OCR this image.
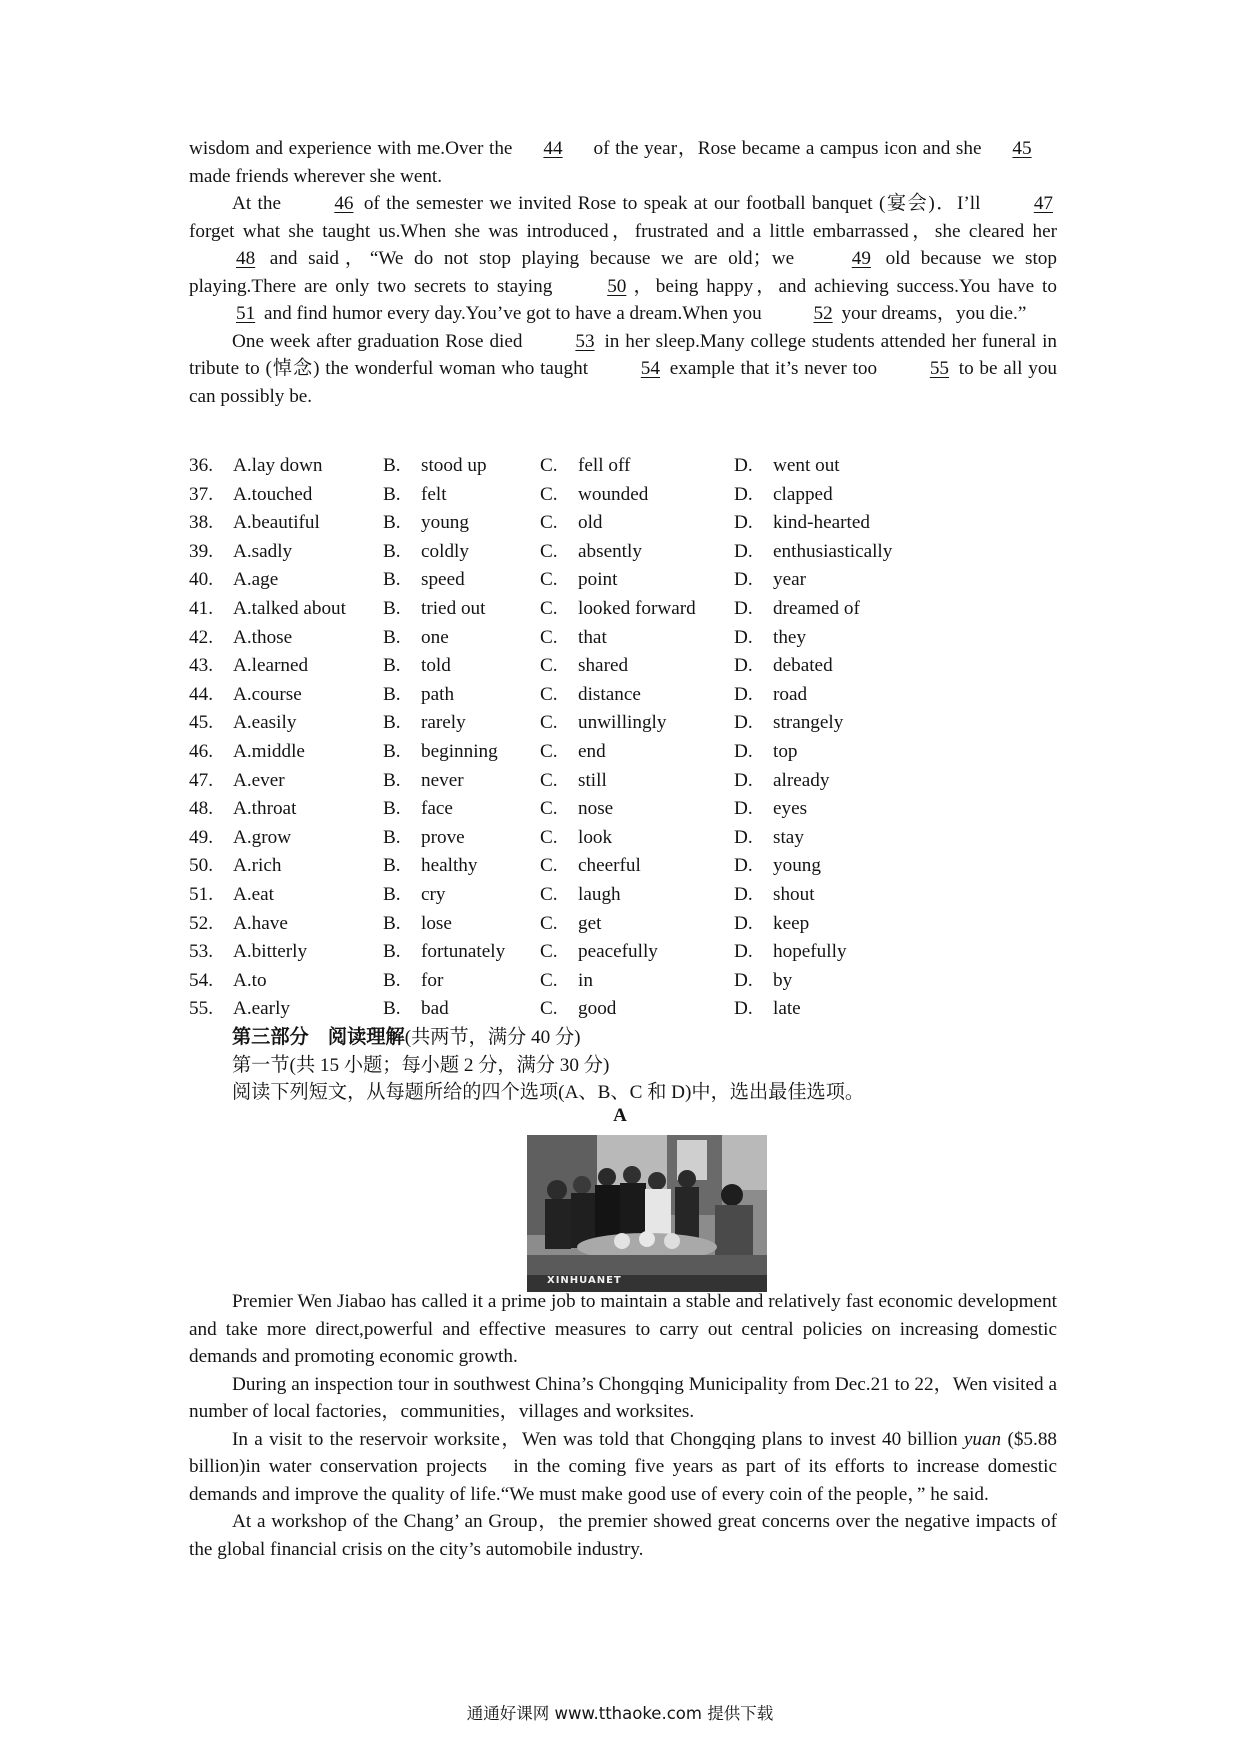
wisdom and experience with me.Over the 44 of the year，Rose became a campus icon and she 45 made friends wherever she went.

At the 46 of the semester we invited Rose to speak at our football banquet (宴会)．I’ll 47 forget what she taught us.When she was introduced，frustrated and a little embarrassed，she cleared her 48 and said，“We do not stop playing because we are old；we 49 old because we stop playing.There are only two secrets to staying 50 ，being happy，and achieving success.You have to 51 and find humor every day.You’ve got to have a dream.When you 52 your dreams，you die.”

One week after graduation Rose died 53 in her sleep.Many college students attended her funeral in tribute to (悼念) the wonderful woman who taught 54 example that it’s never too 55 to be all you can possibly be.

36. A.lay down	B. stood up	C. fell off	D. went out
37. A.touched	B. felt	C. wounded	D. clapped
38. A.beautiful	B. young	C. old	D. kind-hearted
39. A.sadly	B. coldly	C. absently	D. enthusiastically
40. A.age	B. speed	C. point	D. year
41. A.talked about B. tried out	C. looked forward D. dreamed of
42. A.those	B. one	C. that	D. they
43. A.learned	B. told	C. shared	D. debated
44. A.course	B. path	C. distance	D. road
45. A.easily	B. rarely	C. unwillingly	D. strangely
46. A.middle	B. beginning C. end	D. top
47. A.ever	B. never	C. still	D. already
48. A.throat	B. face	C. nose	D. eyes
49. A.grow	B. prove	C. look	D. stay
50. A.rich	B. healthy	C. cheerful	D. young
51. A.eat	B. cry	C. laugh	D. shout
52. A.have	B. lose	C. get	D. keep
53. A.bitterly	B. fortunately C. peacefully	D. hopefully
54. A.to	B. for	C. in	D. by
55. A.early	B. bad	C. good	D. late
第三部分　阅读理解(共两节，满分 40 分)
第一节(共 15 小题；每小题 2 分，满分 30 分)
阅读下列短文，从每题所给的四个选项(A、B、C 和 D)中，选出最佳选项。
A
XINHUANET

Premier Wen Jiabao has called it a prime job to maintain a stable and relatively fast economic development and take more direct,powerful and effective measures to carry out central policies on increasing domestic demands and promoting economic growth.

During an inspection tour in southwest China’s Chongqing Municipality from Dec.21 to 22，Wen visited a number of local factories，communities，villages and worksites.

In a visit to the reservoir worksite，Wen was told that Chongqing plans to invest 40 billion yuan ($5.88 billion)in water conservation projects　in the coming five years as part of its efforts to increase domestic demands and improve the quality of life.“We must make good use of every coin of the people，” he said.

At a workshop of the Chang’ an Group，the premier showed great concerns over the negative impacts of the global financial crisis on the city’s automobile industry.

通通好课网 www.tthaoke.com 提供下载
